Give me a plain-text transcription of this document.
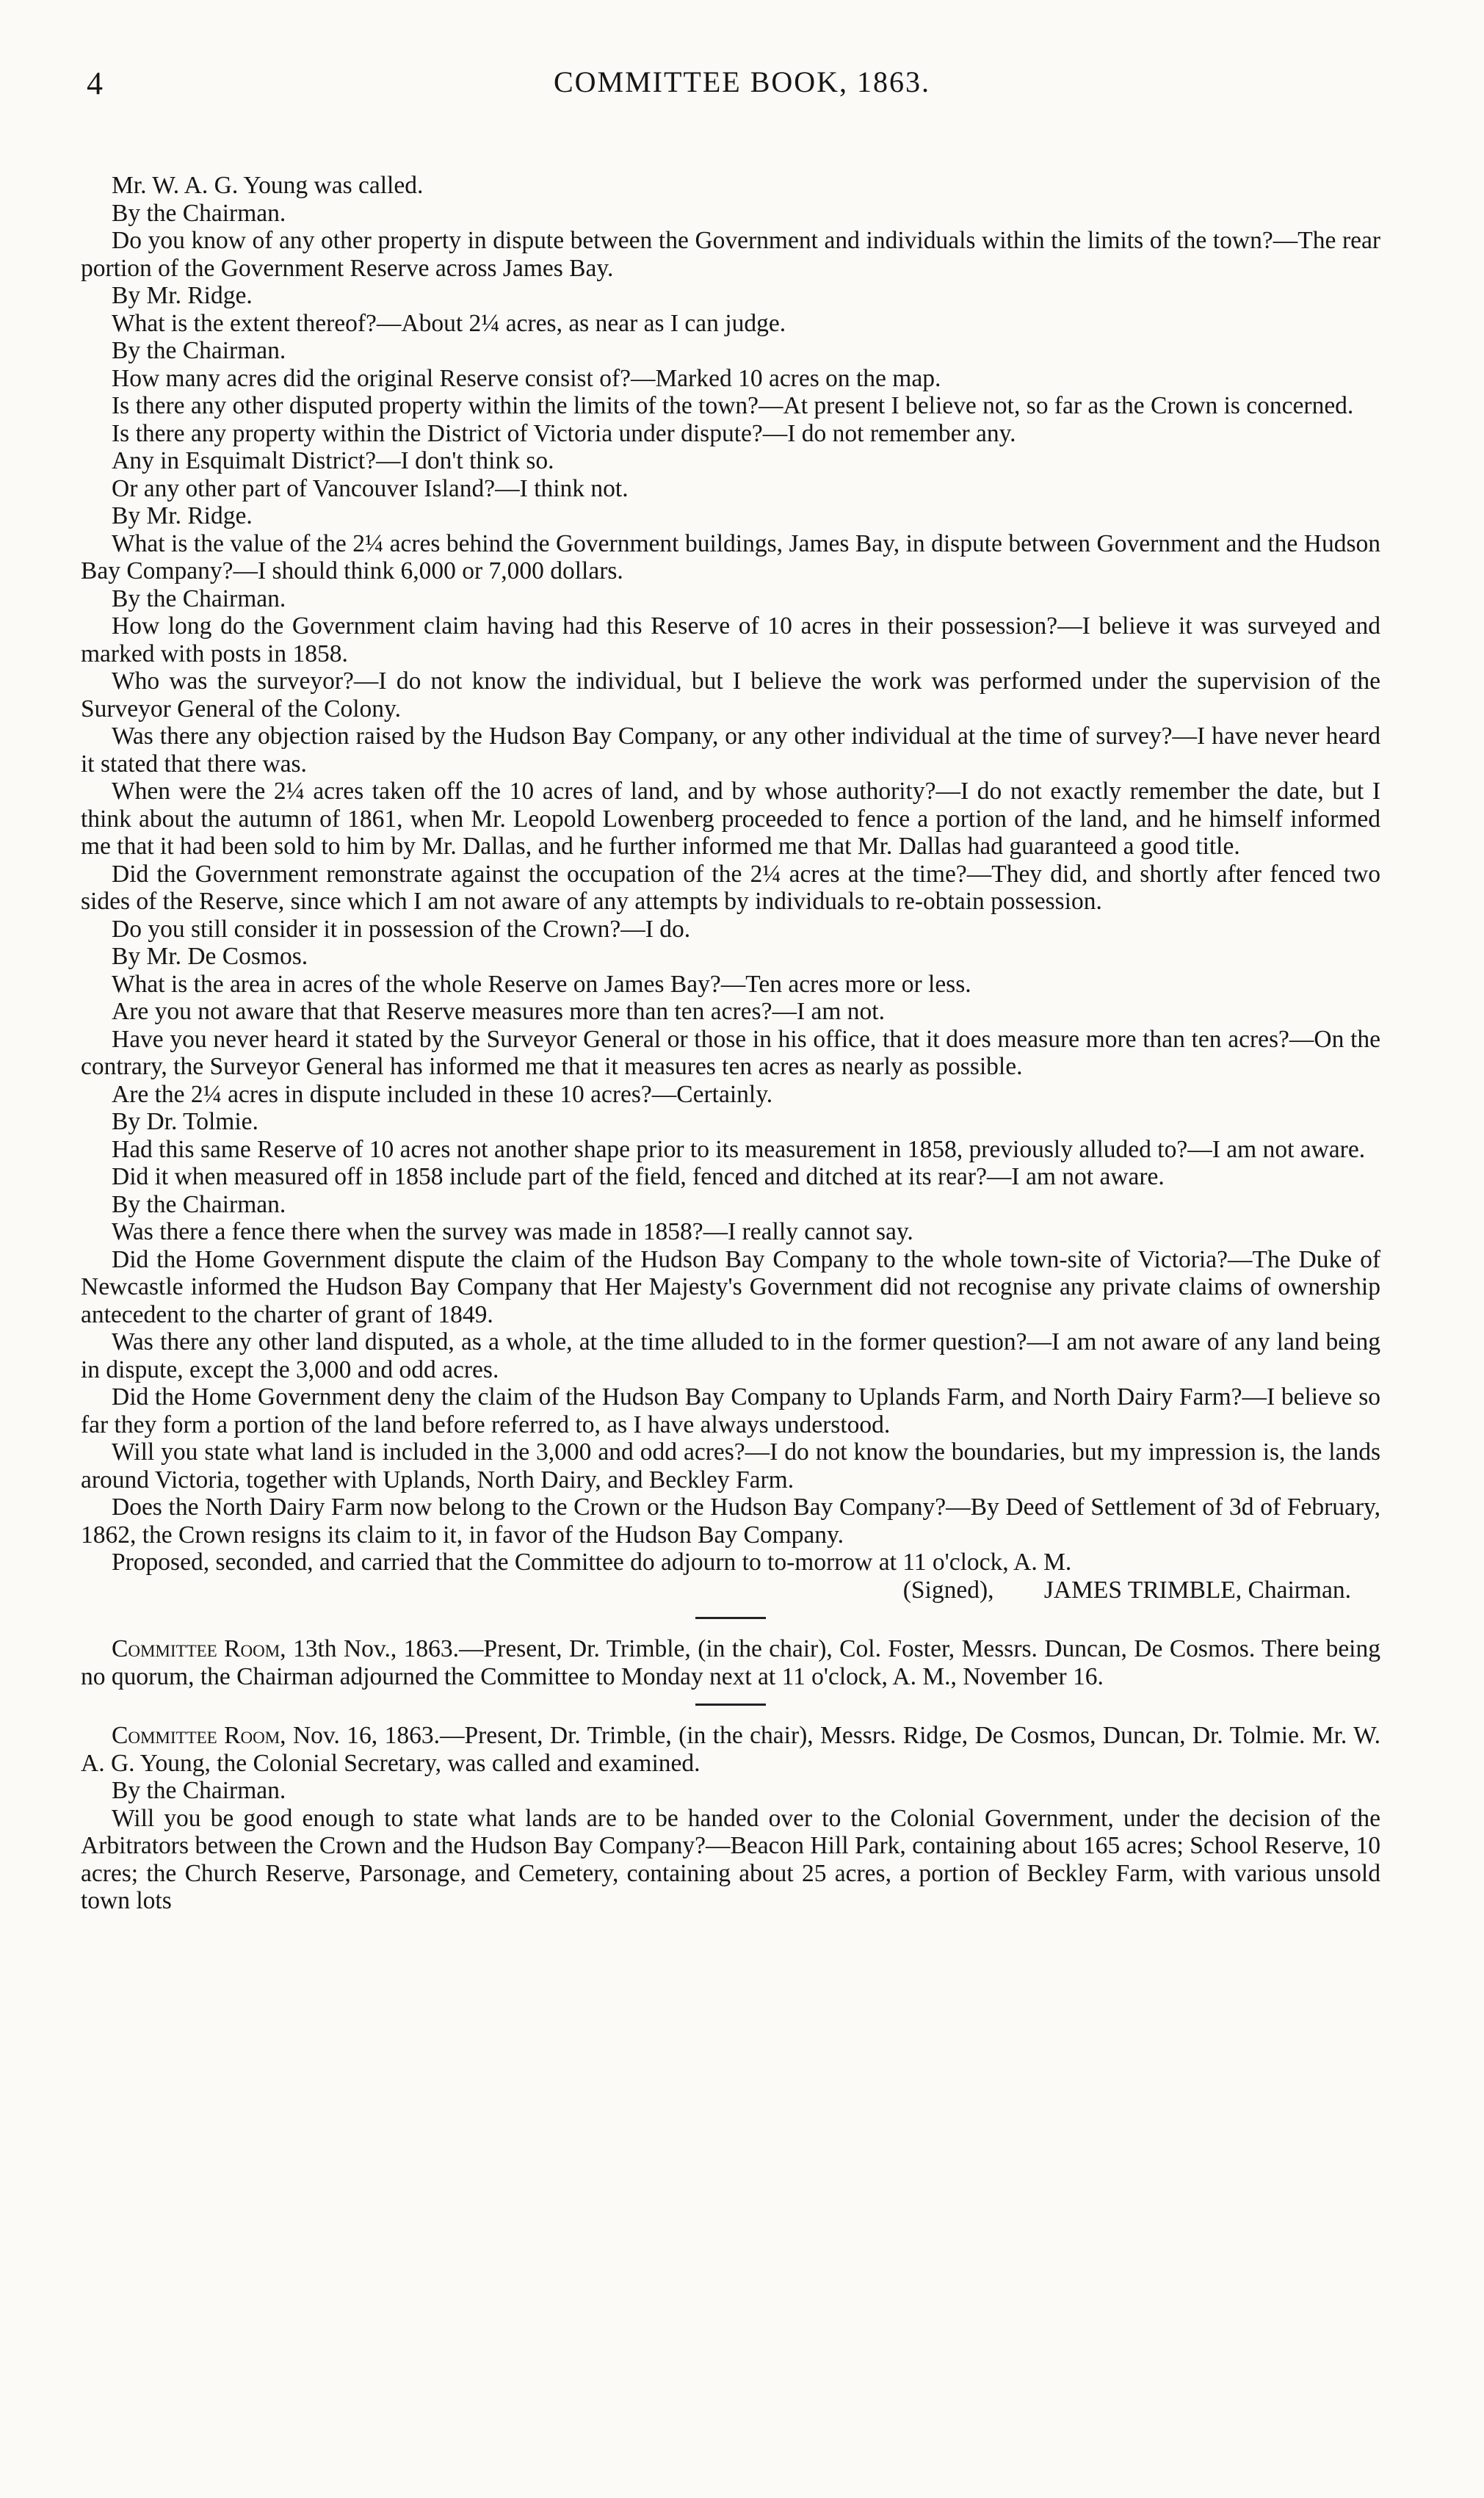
4	COMMITTEE BOOK, 1863.

Mr. W. A. G. Young was called.

By the Chairman.

Do you know of any other property in dispute between the Government and individuals within the limits of the town?—The rear portion of the Government Reserve across James Bay.

By Mr. Ridge.

What is the extent thereof?—About 2¼ acres, as near as I can judge.

By the Chairman.

How many acres did the original Reserve consist of?—Marked 10 acres on the map.

Is there any other disputed property within the limits of the town?—At present I believe not, so far as the Crown is concerned.

Is there any property within the District of Victoria under dispute?—I do not remember any.

Any in Esquimalt District?—I don't think so.

Or any other part of Vancouver Island?—I think not.

By Mr. Ridge.

What is the value of the 2¼ acres behind the Government buildings, James Bay, in dispute between Government and the Hudson Bay Company?—I should think 6,000 or 7,000 dollars.

By the Chairman.

How long do the Government claim having had this Reserve of 10 acres in their possession?—I believe it was surveyed and marked with posts in 1858.

Who was the surveyor?—I do not know the individual, but I believe the work was performed under the supervision of the Surveyor General of the Colony.

Was there any objection raised by the Hudson Bay Company, or any other individual at the time of survey?—I have never heard it stated that there was.

When were the 2¼ acres taken off the 10 acres of land, and by whose authority?—I do not exactly remember the date, but I think about the autumn of 1861, when Mr. Leopold Lowenberg proceeded to fence a portion of the land, and he himself informed me that it had been sold to him by Mr. Dallas, and he further informed me that Mr. Dallas had guaranteed a good title.

Did the Government remonstrate against the occupation of the 2¼ acres at the time?—They did, and shortly after fenced two sides of the Reserve, since which I am not aware of any attempts by individuals to re-obtain possession.

Do you still consider it in possession of the Crown?—I do.

By Mr. De Cosmos.

What is the area in acres of the whole Reserve on James Bay?—Ten acres more or less.

Are you not aware that that Reserve measures more than ten acres?—I am not.

Have you never heard it stated by the Surveyor General or those in his office, that it does measure more than ten acres?—On the contrary, the Surveyor General has informed me that it measures ten acres as nearly as possible.

Are the 2¼ acres in dispute included in these 10 acres?—Certainly.

By Dr. Tolmie.

Had this same Reserve of 10 acres not another shape prior to its measurement in 1858, previously alluded to?—I am not aware.

Did it when measured off in 1858 include part of the field, fenced and ditched at its rear?—I am not aware.

By the Chairman.

Was there a fence there when the survey was made in 1858?—I really cannot say.

Did the Home Government dispute the claim of the Hudson Bay Company to the whole town-site of Victoria?—The Duke of Newcastle informed the Hudson Bay Company that Her Majesty's Government did not recognise any private claims of ownership antecedent to the charter of grant of 1849.

Was there any other land disputed, as a whole, at the time alluded to in the former question?—I am not aware of any land being in dispute, except the 3,000 and odd acres.

Did the Home Government deny the claim of the Hudson Bay Company to Uplands Farm, and North Dairy Farm?—I believe so far they form a portion of the land before referred to, as I have always understood.

Will you state what land is included in the 3,000 and odd acres?—I do not know the boundaries, but my impression is, the lands around Victoria, together with Uplands, North Dairy, and Beckley Farm.

Does the North Dairy Farm now belong to the Crown or the Hudson Bay Company?—By Deed of Settlement of 3d of February, 1862, the Crown resigns its claim to it, in favor of the Hudson Bay Company.

Proposed, seconded, and carried that the Committee do adjourn to to-morrow at 11 o'clock, A. M.

(Signed), JAMES TRIMBLE, Chairman.

Committee Room, 13th Nov., 1863.—Present, Dr. Trimble, (in the chair), Col. Foster, Messrs. Duncan, De Cosmos. There being no quorum, the Chairman adjourned the Committee to Monday next at 11 o'clock, A. M., November 16.

Committee Room, Nov. 16, 1863.—Present, Dr. Trimble, (in the chair), Messrs. Ridge, De Cosmos, Duncan, Dr. Tolmie. Mr. W. A. G. Young, the Colonial Secretary, was called and examined.

By the Chairman.

Will you be good enough to state what lands are to be handed over to the Colonial Government, under the decision of the Arbitrators between the Crown and the Hudson Bay Company?—Beacon Hill Park, containing about 165 acres; School Reserve, 10 acres; the Church Reserve, Parsonage, and Cemetery, containing about 25 acres, a portion of Beckley Farm, with various unsold town lots
